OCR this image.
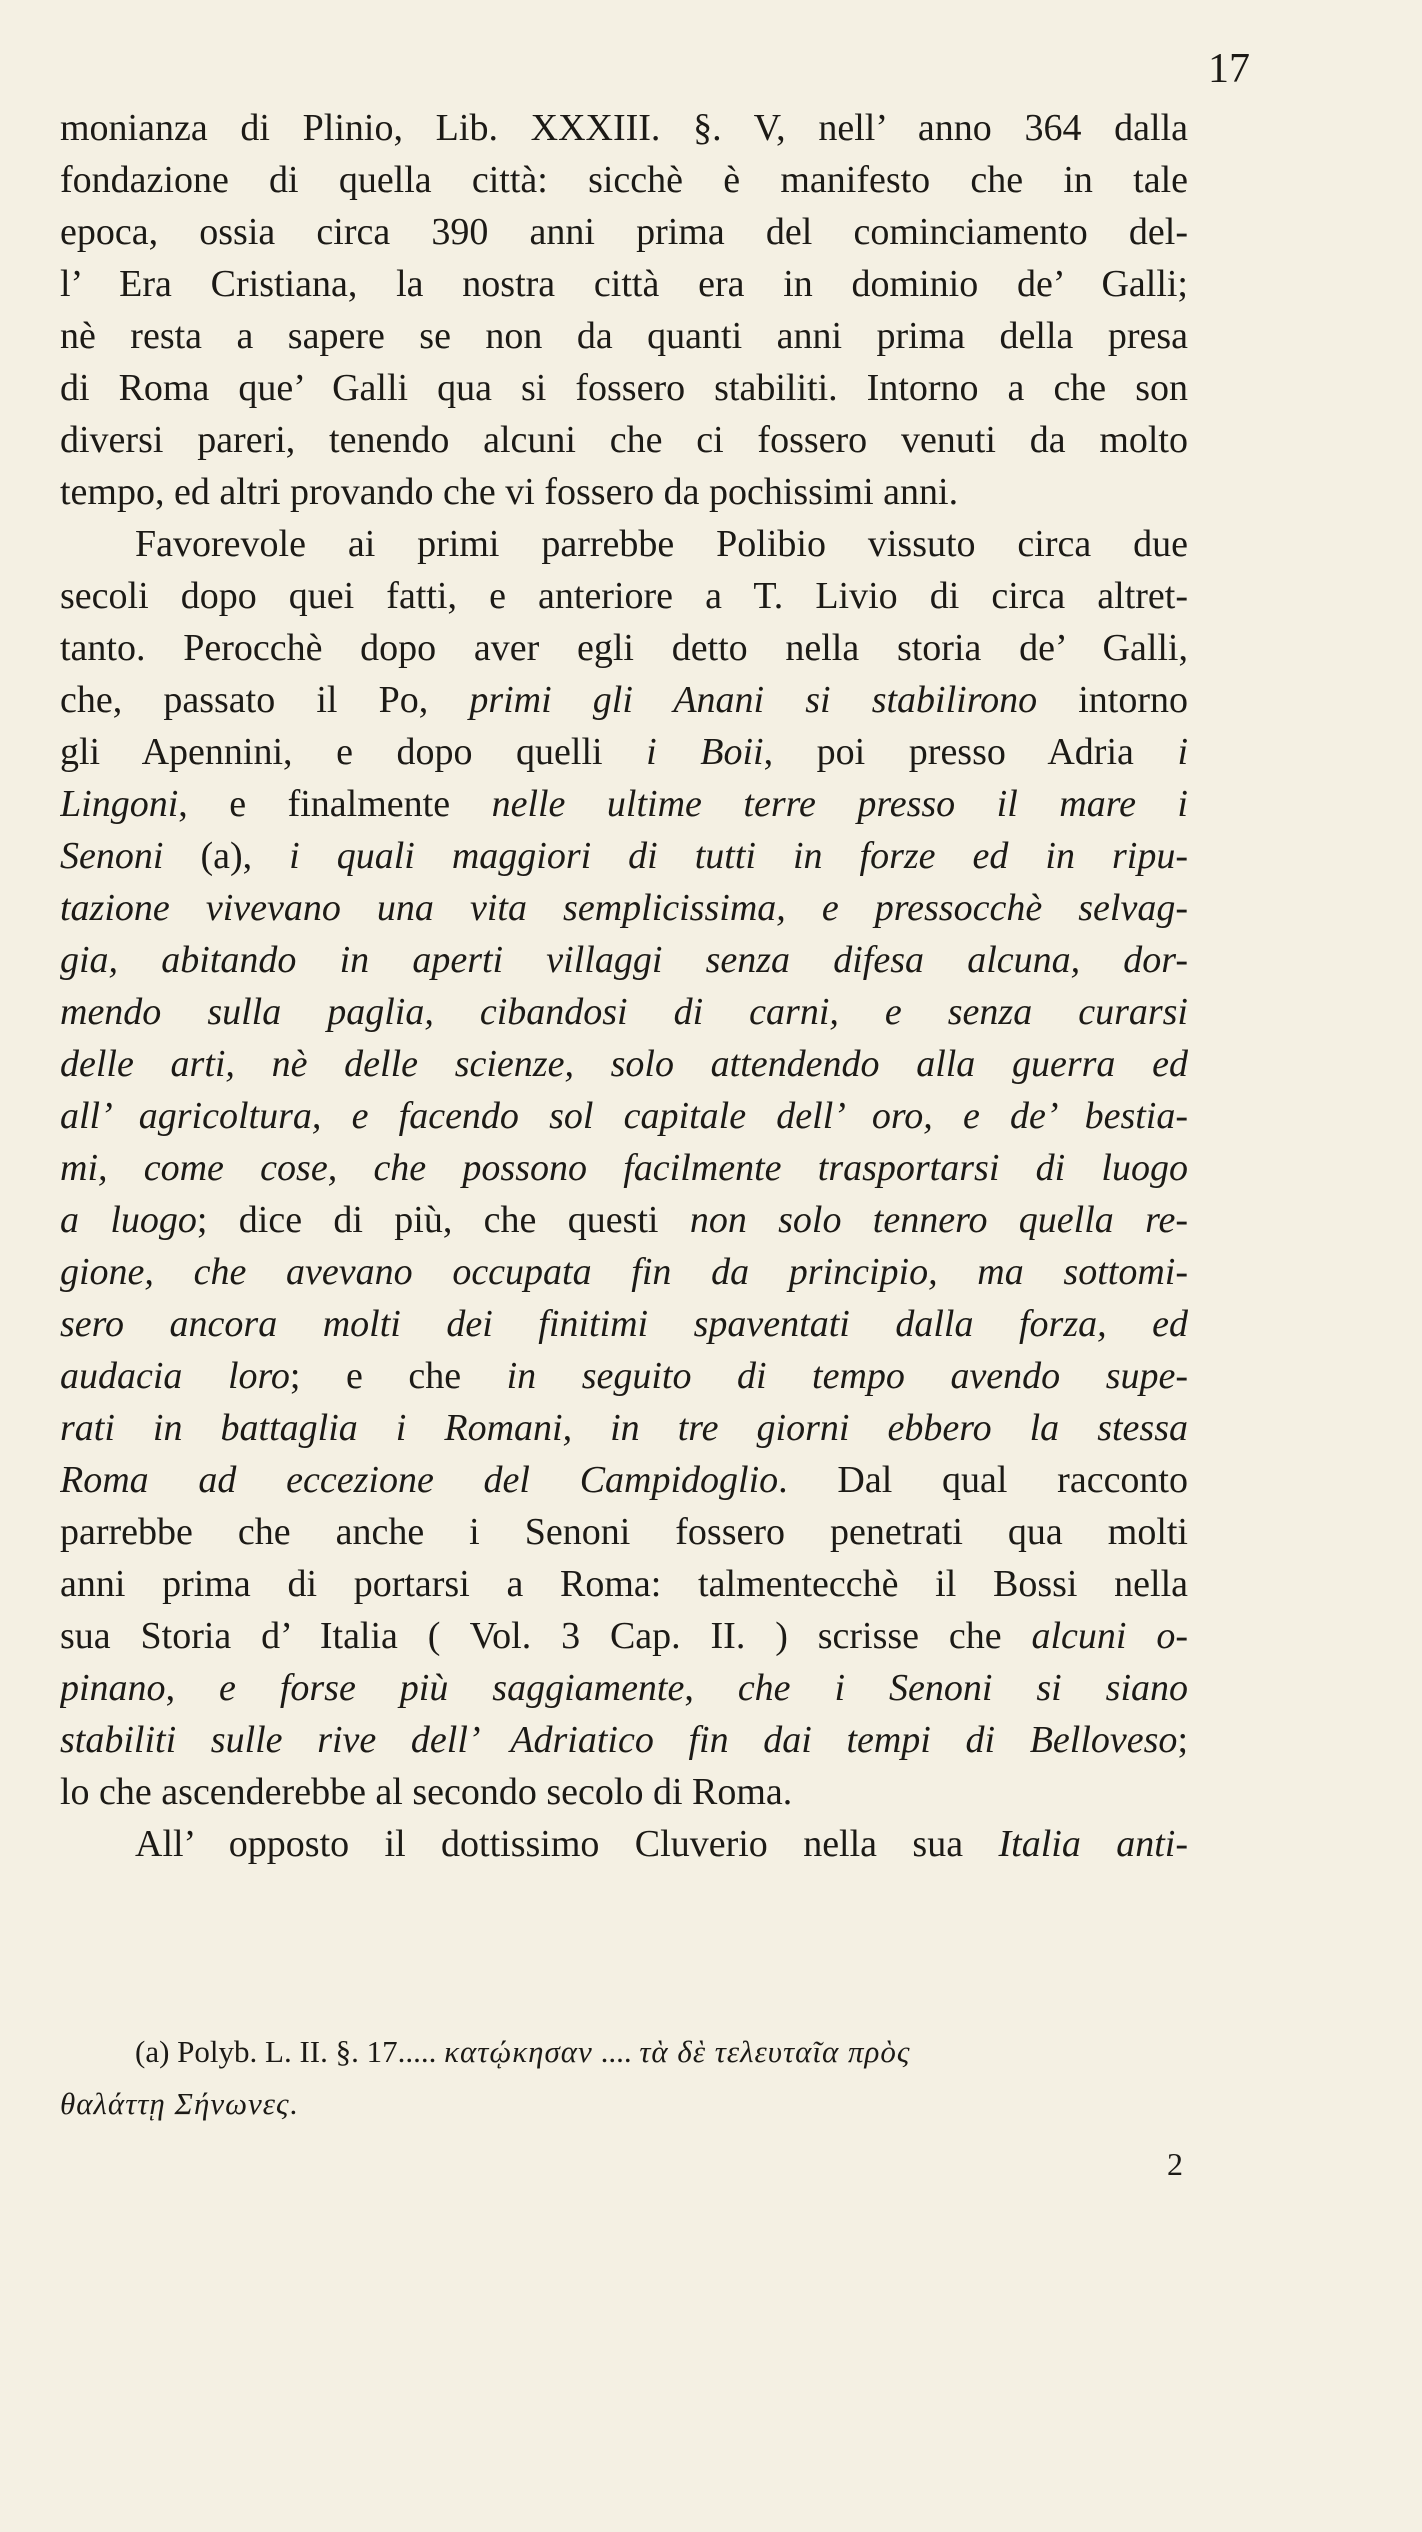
17
monianza di Plinio, Lib. XXXIII. §. V, nell’ anno 364 dalla
fondazione di quella città: sicchè è manifesto che in tale
epoca, ossia circa 390 anni prima del cominciamento del-
l’ Era Cristiana, la nostra città era in dominio de’ Galli;
nè resta a sapere se non da quanti anni prima della presa
di Roma que’ Galli qua si fossero stabiliti. Intorno a che son
diversi pareri, tenendo alcuni che ci fossero venuti da molto
tempo, ed altri provando che vi fossero da pochissimi anni.
Favorevole ai primi parrebbe Polibio vissuto circa due
secoli dopo quei fatti, e anteriore a T. Livio di circa altret-
tanto. Perocchè dopo aver egli detto nella storia de’ Galli,
che, passato il Po, primi gli Anani si stabilirono intorno
gli Apennini, e dopo quelli i Boii, poi presso Adria i
Lingoni, e finalmente nelle ultime terre presso il mare i
Senoni (a), i quali maggiori di tutti in forze ed in ripu-
tazione vivevano una vita semplicissima, e pressocchè selvag-
gia, abitando in aperti villaggi senza difesa alcuna, dor-
mendo sulla paglia, cibandosi di carni, e senza curarsi
delle arti, nè delle scienze, solo attendendo alla guerra ed
all’ agricoltura, e facendo sol capitale dell’ oro, e de’ bestia-
mi, come cose, che possono facilmente trasportarsi di luogo
a luogo; dice di più, che questi non solo tennero quella re-
gione, che avevano occupata fin da principio, ma sottomi-
sero ancora molti dei finitimi spaventati dalla forza, ed
audacia loro; e che in seguito di tempo avendo supe-
rati in battaglia i Romani, in tre giorni ebbero la stessa
Roma ad eccezione del Campidoglio. Dal qual racconto
parrebbe che anche i Senoni fossero penetrati qua molti
anni prima di portarsi a Roma: talmentecchè il Bossi nella
sua Storia d’ Italia ( Vol. 3 Cap. II. ) scrisse che alcuni o-
pinano, e forse più saggiamente, che i Senoni si siano
stabiliti sulle rive dell’ Adriatico fin dai tempi di Belloveso;
lo che ascenderebbe al secondo secolo di Roma.
All’ opposto il dottissimo Cluverio nella sua Italia anti-
(a) Polyb. L. II. §. 17..... κατῴκησαν .... τὰ δὲ τελευταῖα πρὸς
θαλάττῃ Σήνωνες.
2
